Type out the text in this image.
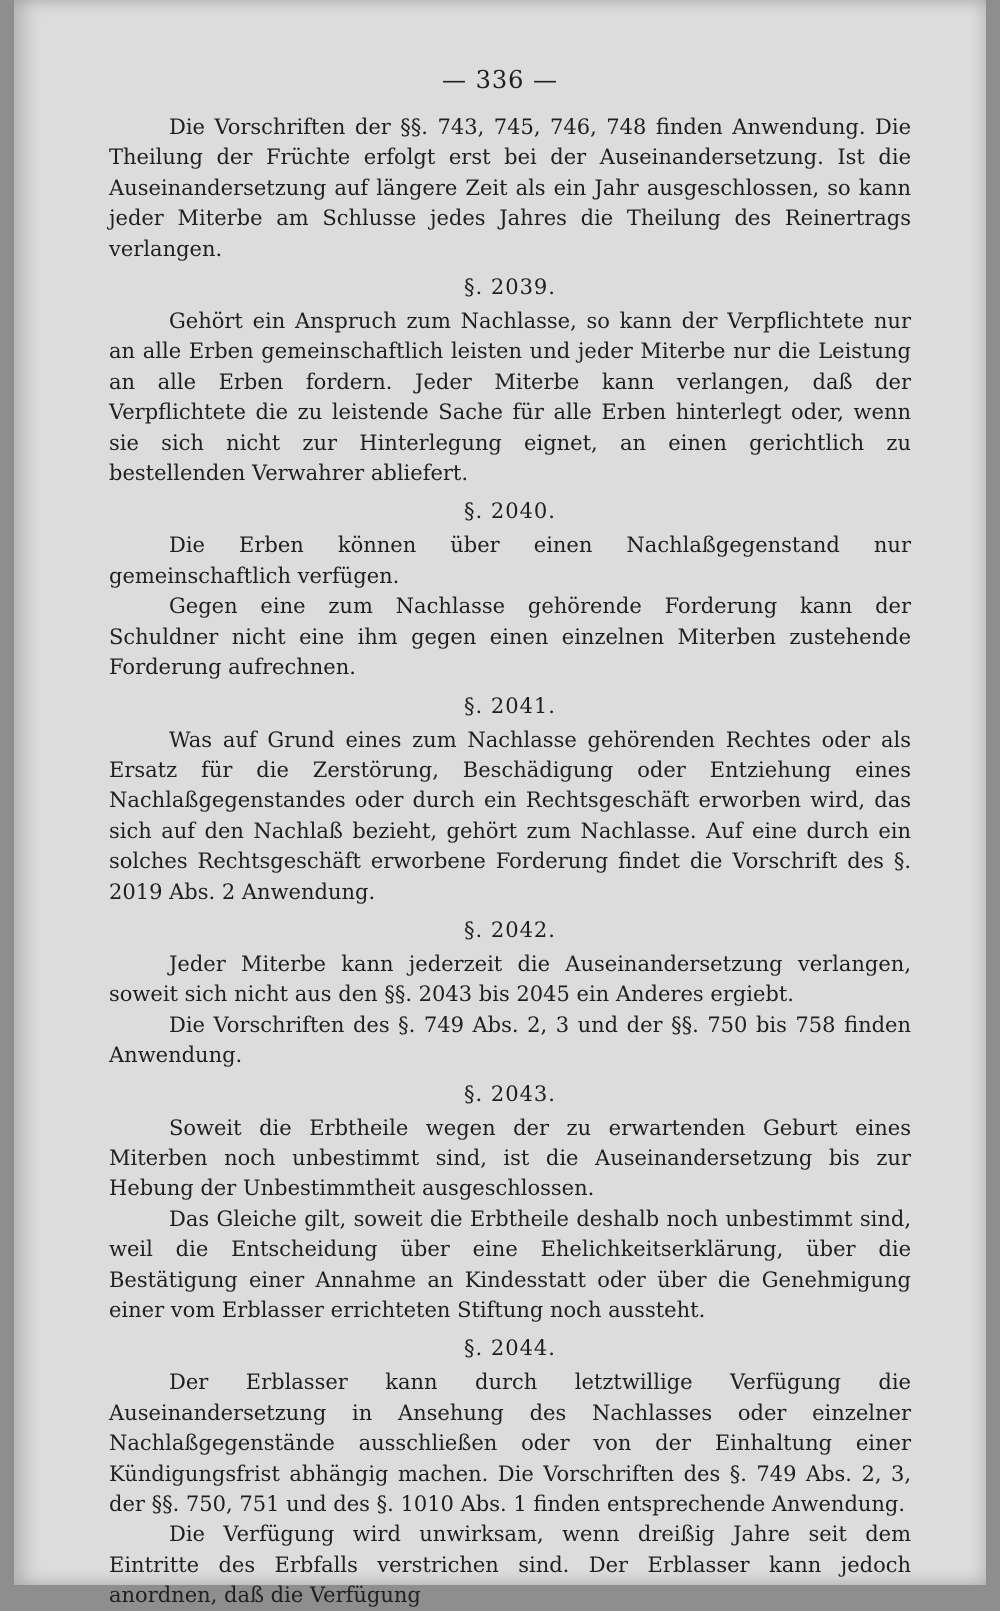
— 336 —

Die Vorschriften der §§. 743, 745, 746, 748 finden Anwendung. Die Theilung der Früchte erfolgt erst bei der Auseinandersetzung. Ist die Auseinandersetzung auf längere Zeit als ein Jahr ausgeschlossen, so kann jeder Miterbe am Schlusse jedes Jahres die Theilung des Reinertrags verlangen.

§. 2039.

Gehört ein Anspruch zum Nachlasse, so kann der Verpflichtete nur an alle Erben gemeinschaftlich leisten und jeder Miterbe nur die Leistung an alle Erben fordern. Jeder Miterbe kann verlangen, daß der Verpflichtete die zu leistende Sache für alle Erben hinterlegt oder, wenn sie sich nicht zur Hinterlegung eignet, an einen gerichtlich zu bestellenden Verwahrer abliefert.

§. 2040.

Die Erben können über einen Nachlaßgegenstand nur gemeinschaftlich verfügen.

Gegen eine zum Nachlasse gehörende Forderung kann der Schuldner nicht eine ihm gegen einen einzelnen Miterben zustehende Forderung aufrechnen.

§. 2041.

Was auf Grund eines zum Nachlasse gehörenden Rechtes oder als Ersatz für die Zerstörung, Beschädigung oder Entziehung eines Nachlaßgegenstandes oder durch ein Rechtsgeschäft erworben wird, das sich auf den Nachlaß bezieht, gehört zum Nachlasse. Auf eine durch ein solches Rechtsgeschäft erworbene Forderung findet die Vorschrift des §. 2019 Abs. 2 Anwendung.

§. 2042.

Jeder Miterbe kann jederzeit die Auseinandersetzung verlangen, soweit sich nicht aus den §§. 2043 bis 2045 ein Anderes ergiebt.

Die Vorschriften des §. 749 Abs. 2, 3 und der §§. 750 bis 758 finden Anwendung.

§. 2043.

Soweit die Erbtheile wegen der zu erwartenden Geburt eines Miterben noch unbestimmt sind, ist die Auseinandersetzung bis zur Hebung der Unbestimmtheit ausgeschlossen.

Das Gleiche gilt, soweit die Erbtheile deshalb noch unbestimmt sind, weil die Entscheidung über eine Ehelichkeitserklärung, über die Bestätigung einer Annahme an Kindesstatt oder über die Genehmigung einer vom Erblasser errichteten Stiftung noch aussteht.

§. 2044.

Der Erblasser kann durch letztwillige Verfügung die Auseinandersetzung in Ansehung des Nachlasses oder einzelner Nachlaßgegenstände ausschließen oder von der Einhaltung einer Kündigungsfrist abhängig machen. Die Vorschriften des §. 749 Abs. 2, 3, der §§. 750, 751 und des §. 1010 Abs. 1 finden entsprechende Anwendung.

Die Verfügung wird unwirksam, wenn dreißig Jahre seit dem Eintritte des Erbfalls verstrichen sind. Der Erblasser kann jedoch anordnen, daß die Verfügung
